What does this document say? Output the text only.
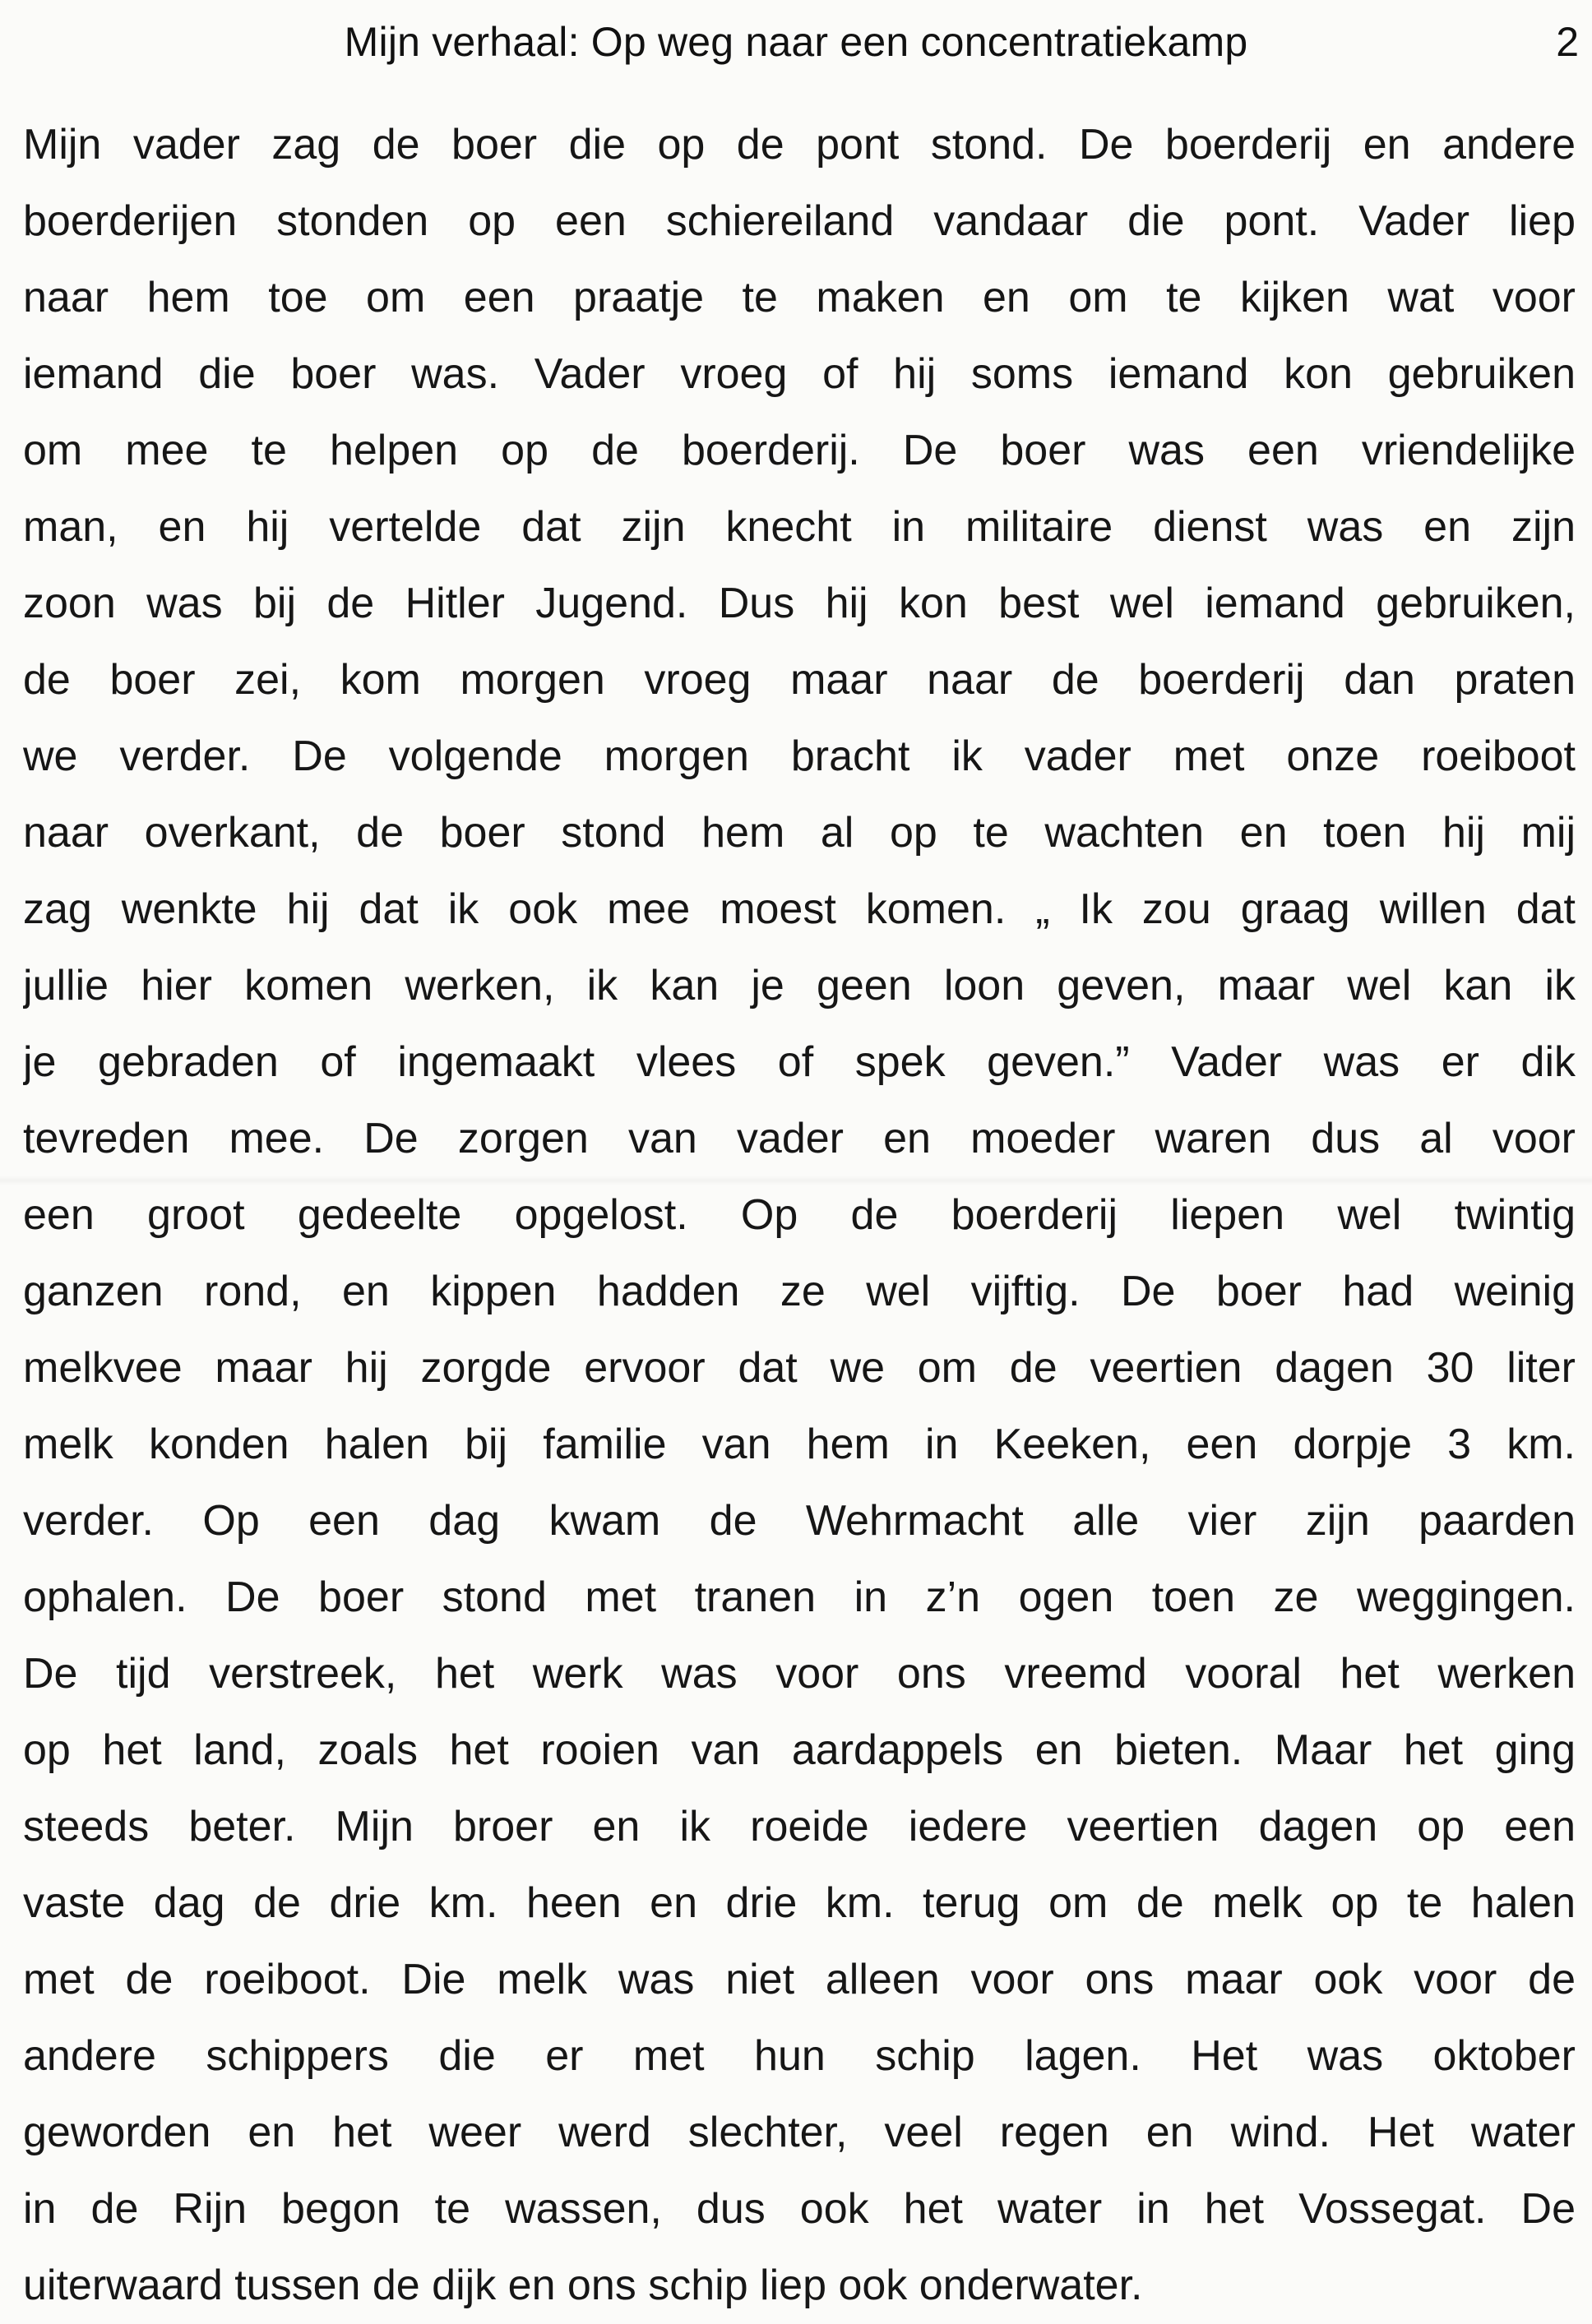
Mijn verhaal: Op weg naar een concentratiekamp	2
Mijn vader zag de boer die op de pont stond. De boerderij en andere
boerderijen stonden op een schiereiland vandaar die pont. Vader liep
naar hem toe om een praatje te maken en om te kijken wat voor
iemand die boer was. Vader vroeg of hij soms iemand kon gebruiken
om mee te helpen op de boerderij. De boer was een vriendelijke
man, en hij vertelde dat zijn knecht in militaire dienst was en zijn
zoon was bij de Hitler Jugend. Dus hij kon best wel iemand gebruiken,
de boer zei, kom morgen vroeg maar naar de boerderij dan praten
we verder. De volgende morgen bracht ik vader met onze roeiboot
naar overkant, de boer stond hem al op te wachten en toen hij mij
zag wenkte hij dat ik ook mee moest komen. „ Ik zou graag willen dat
jullie hier komen werken, ik kan je geen loon geven, maar wel kan ik
je gebraden of ingemaakt vlees of spek geven.” Vader was er dik
tevreden mee. De zorgen van vader en moeder waren dus al voor
een groot gedeelte opgelost. Op de boerderij liepen wel twintig
ganzen rond, en kippen hadden ze wel vijftig. De boer had weinig
melkvee maar hij zorgde ervoor dat we om de veertien dagen 30 liter
melk konden halen bij familie van hem in Keeken, een dorpje 3 km.
verder. Op een dag kwam de Wehrmacht alle vier zijn paarden
ophalen. De boer stond met tranen in z’n ogen toen ze weggingen.
De tijd verstreek, het werk was voor ons vreemd vooral het werken
op het land, zoals het rooien van aardappels en bieten. Maar het ging
steeds beter. Mijn broer en ik roeide iedere veertien dagen op een
vaste dag de drie km. heen en drie km. terug om de melk op te halen
met de roeiboot. Die melk was niet alleen voor ons maar ook voor de
andere schippers die er met hun schip lagen. Het was oktober
geworden en het weer werd slechter, veel regen en wind. Het water
in de Rijn begon te wassen, dus ook het water in het Vossegat. De
uiterwaard tussen de dijk en ons schip liep ook onderwater.
